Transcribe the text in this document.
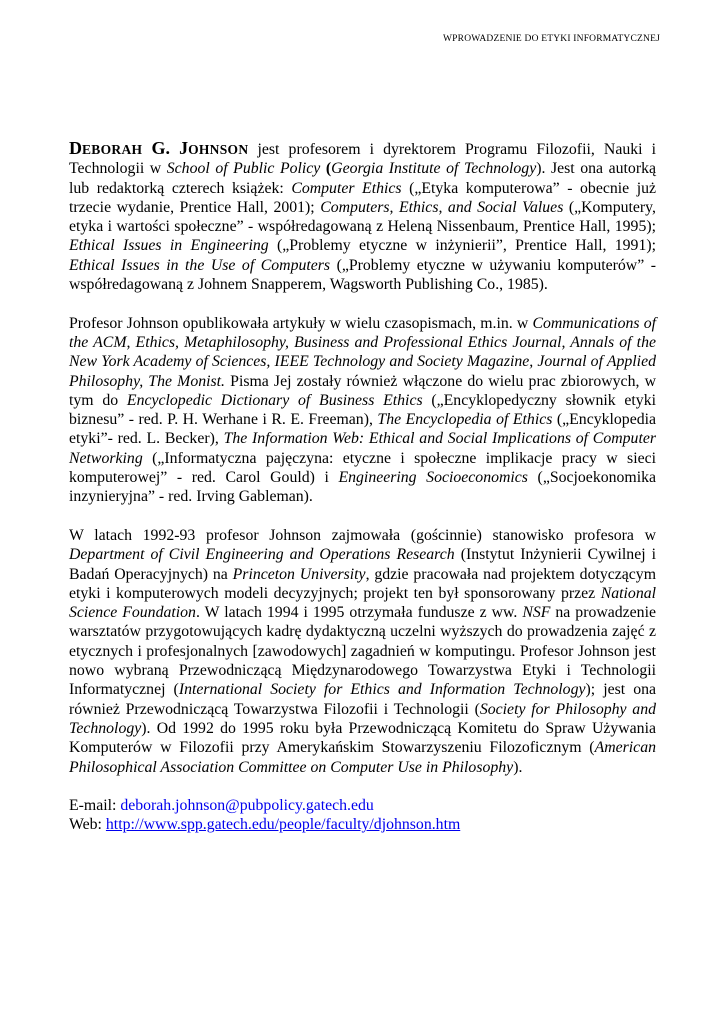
WPROWADZENIE DO ETYKI INFORMATYCZNEJ

DEBORAH G. JOHNSON jest profesorem i dyrektorem Programu Filozofii, Nauki i Technologii w School of Public Policy (Georgia Institute of Technology). Jest ona autorką lub redaktorką czterech książek: Computer Ethics („Etyka komputerowa” - obecnie już trzecie wydanie, Prentice Hall, 2001); Computers, Ethics, and Social Values („Komputery, etyka i wartości społeczne” - współredagowaną z Heleną Nissenbaum, Prentice Hall, 1995); Ethical Issues in Engineering („Problemy etyczne w inżynierii”, Prentice Hall, 1991); Ethical Issues in the Use of Computers („Problemy etyczne w używaniu komputerów” - współredagowaną z Johnem Snapperem, Wagsworth Publishing Co., 1985).

Profesor Johnson opublikowała artykuły w wielu czasopismach, m.in. w Communications of the ACM, Ethics, Metaphilosophy, Business and Professional Ethics Journal, Annals of the New York Academy of Sciences, IEEE Technology and Society Magazine, Journal of Applied Philosophy, The Monist. Pisma Jej zostały również włączone do wielu prac zbiorowych, w tym do Encyclopedic Dictionary of Business Ethics („Encyklopedyczny słownik etyki biznesu” - red. P. H. Werhane i R. E. Freeman), The Encyclopedia of Ethics („Encyklopedia etyki”- red. L. Becker), The Information Web: Ethical and Social Implications of Computer Networking („Informatyczna pajęczyna: etyczne i społeczne implikacje pracy w sieci komputerowej” - red. Carol Gould) i Engineering Socioeconomics („Socjoekonomika inzynieryjna” - red. Irving Gableman).

W latach 1992-93 profesor Johnson zajmowała (gościnnie) stanowisko profesora w Department of Civil Engineering and Operations Research (Instytut Inżynierii Cywilnej i Badań Operacyjnych) na Princeton University, gdzie pracowała nad projektem dotyczącym etyki i komputerowych modeli decyzyjnych; projekt ten był sponsorowany przez National Science Foundation. W latach 1994 i 1995 otrzymała fundusze z ww. NSF na prowadzenie warsztatów przygotowujących kadrę dydaktyczną uczelni wyższych do prowadzenia zajęć z etycznych i profesjonalnych [zawodowych] zagadnień w komputingu. Profesor Johnson jest nowo wybraną Przewodniczącą Międzynarodowego Towarzystwa Etyki i Technologii Informatycznej (International Society for Ethics and Information Technology); jest ona również Przewodniczącą Towarzystwa Filozofii i Technologii (Society for Philosophy and Technology). Od 1992 do 1995 roku była Przewodniczącą Komitetu do Spraw Używania Komputerów w Filozofii przy Amerykańskim Stowarzyszeniu Filozoficznym (American Philosophical Association Committee on Computer Use in Philosophy).

E-mail: deborah.johnson@pubpolicy.gatech.edu
Web: http://www.spp.gatech.edu/people/faculty/djohnson.htm
